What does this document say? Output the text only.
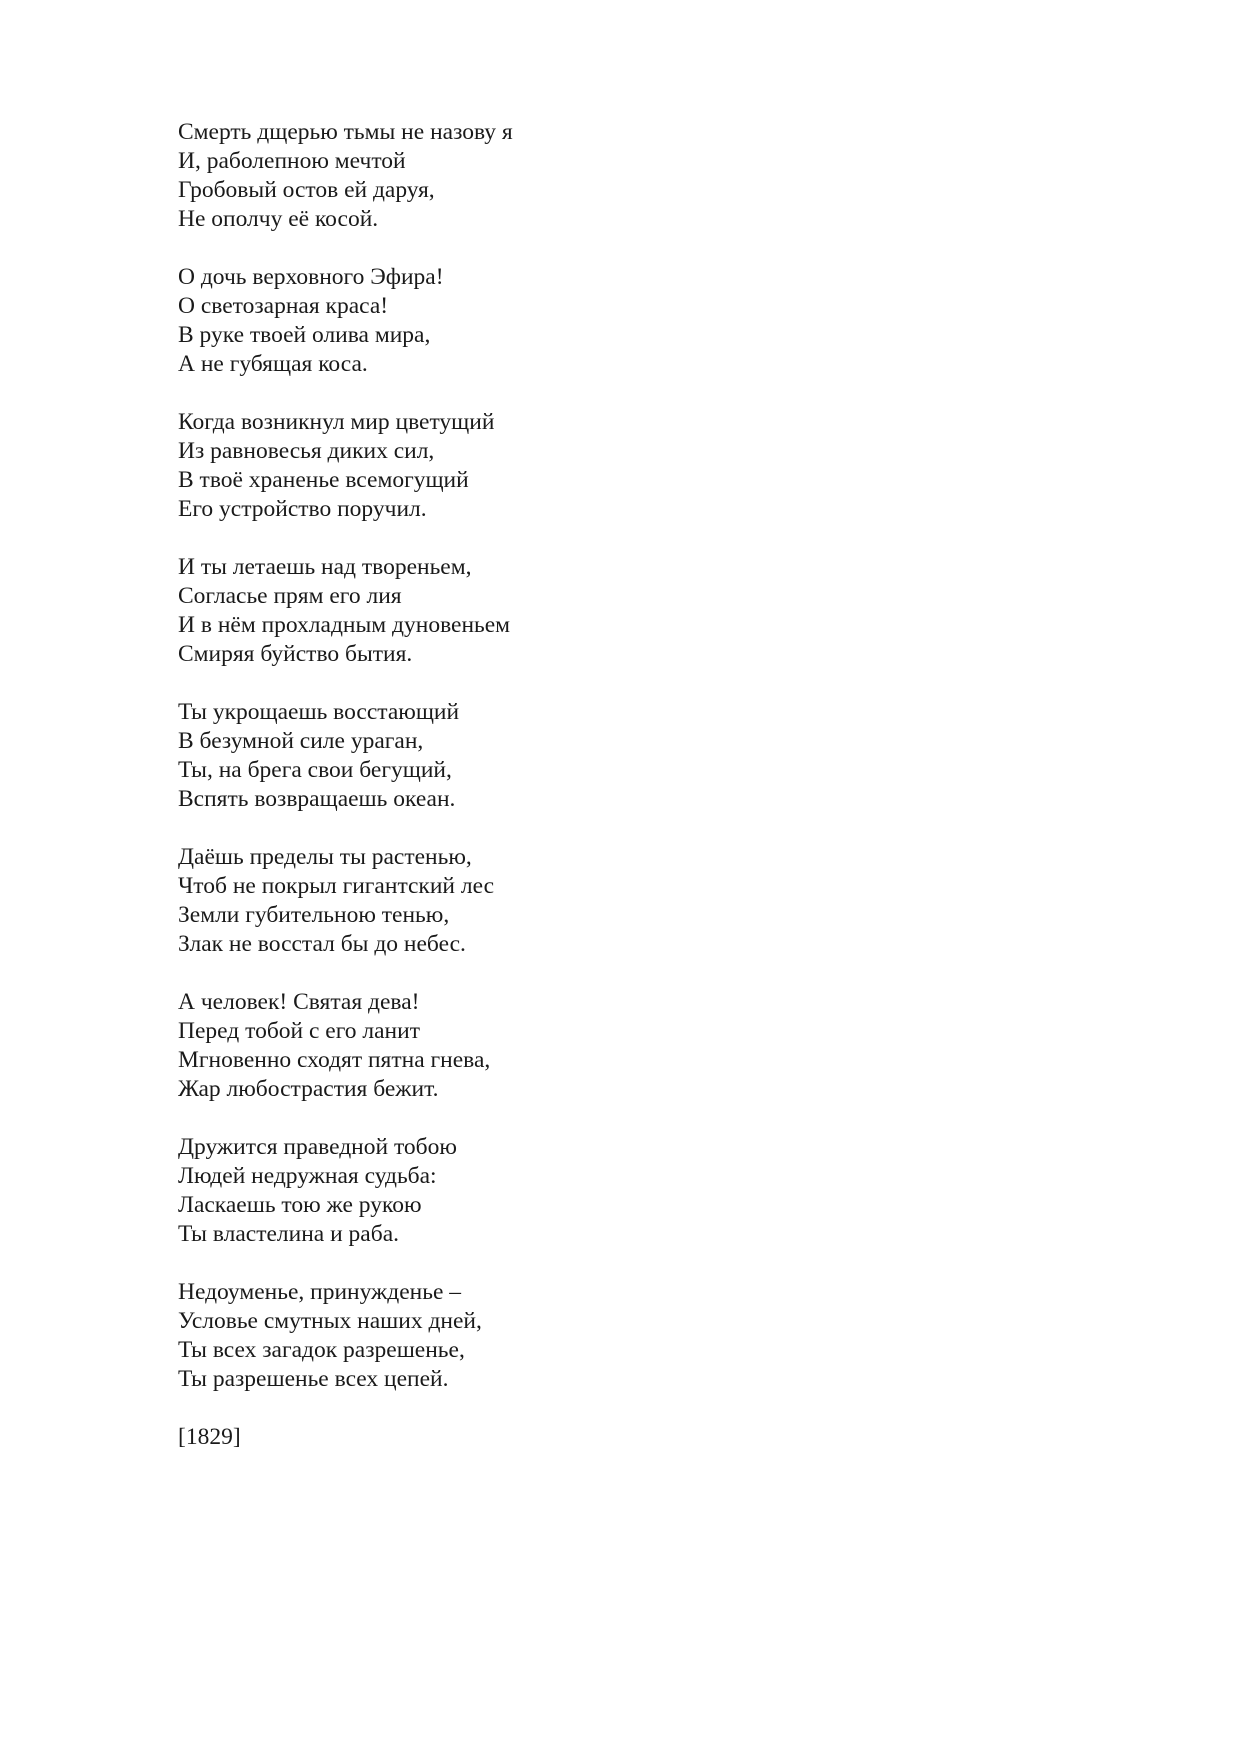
Смерть дщерью тьмы не назову я
И, раболепною мечтой
Гробовый остов ей даруя,
Не ополчу её косой.
О дочь верховного Эфира!
О светозарная краса!
В руке твоей олива мира,
А не губящая коса.
Когда возникнул мир цветущий
Из равновесья диких сил,
В твоё храненье всемогущий
Его устройство поручил.
И ты летаешь над твореньем,
Согласье прям его лия
И в нём прохладным дуновеньем
Смиряя буйство бытия.
Ты укрощаешь восстающий
В безумной силе ураган,
Ты, на брега свои бегущий,
Вспять возвращаешь океан.
Даёшь пределы ты растенью,
Чтоб не покрыл гигантский лес
Земли губительною тенью,
Злак не восстал бы до небес.
А человек! Святая дева!
Перед тобой с его ланит
Мгновенно сходят пятна гнева,
Жар любострастия бежит.
Дружится праведной тобою
Людей недружная судьба:
Ласкаешь тою же рукою
Ты властелина и раба.
Недоуменье, принужденье –
Условье смутных наших дней,
Ты всех загадок разрешенье,
Ты разрешенье всех цепей.
[1829]
